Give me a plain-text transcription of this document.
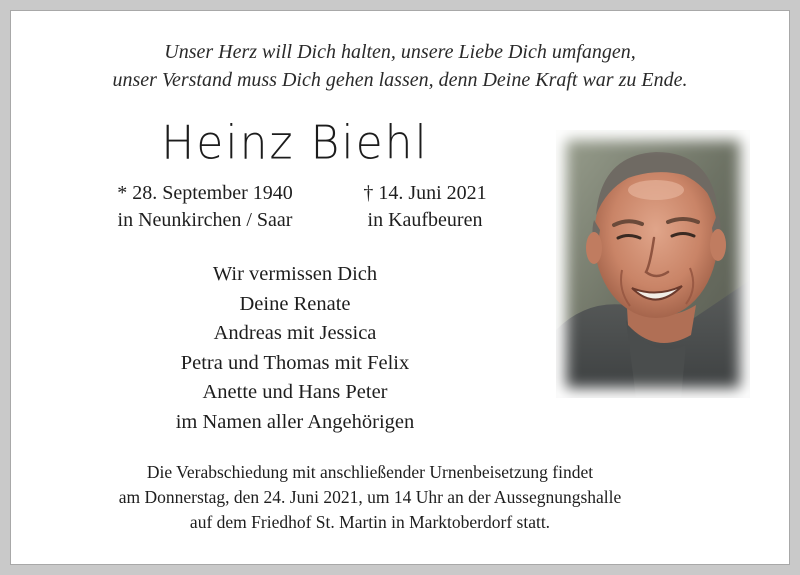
Unser Herz will Dich halten, unsere Liebe Dich umfangen,
unser Verstand muss Dich gehen lassen, denn Deine Kraft war zu Ende.
Heinz Biehl
* 28. September 1940
in Neunkirchen / Saar
† 14. Juni 2021
in Kaufbeuren
Wir vermissen Dich
Deine Renate
Andreas mit Jessica
Petra und Thomas mit Felix
Anette und Hans Peter
im Namen aller Angehörigen
Die Verabschiedung mit anschließender Urnenbeisetzung findet
am Donnerstag, den 24. Juni 2021, um 14 Uhr an der Aussegnungshalle
auf dem Friedhof St. Martin in Marktoberdorf statt.
